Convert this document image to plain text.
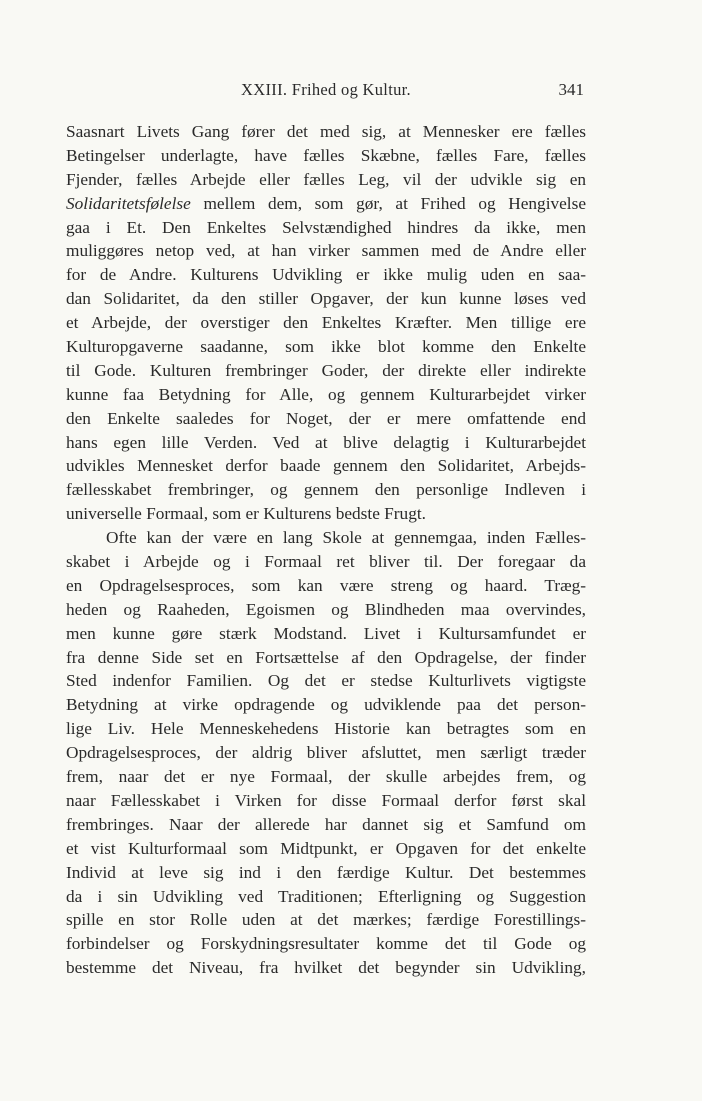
XXIII. Frihed og Kultur.	341
Saasnart Livets Gang fører det med sig, at Mennesker ere fælles
Betingelser underlagte, have fælles Skæbne, fælles Fare, fælles
Fjender, fælles Arbejde eller fælles Leg, vil der udvikle sig en
Solidaritetsfølelse mellem dem, som gør, at Frihed og Hengivelse
gaa i Et. Den Enkeltes Selvstændighed hindres da ikke, men
muliggøres netop ved, at han virker sammen med de Andre eller
for de Andre. Kulturens Udvikling er ikke mulig uden en saa-
dan Solidaritet, da den stiller Opgaver, der kun kunne løses ved
et Arbejde, der overstiger den Enkeltes Kræfter. Men tillige ere
Kulturopgaverne saadanne, som ikke blot komme den Enkelte
til Gode. Kulturen frembringer Goder, der direkte eller indirekte
kunne faa Betydning for Alle, og gennem Kulturarbejdet virker
den Enkelte saaledes for Noget, der er mere omfattende end
hans egen lille Verden. Ved at blive delagtig i Kulturarbejdet
udvikles Mennesket derfor baade gennem den Solidaritet, Arbejds-
fællesskabet frembringer, og gennem den personlige Indleven i
universelle Formaal, som er Kulturens bedste Frugt.
Ofte kan der være en lang Skole at gennemgaa, inden Fælles-
skabet i Arbejde og i Formaal ret bliver til. Der foregaar da
en Opdragelsesproces, som kan være streng og haard. Træg-
heden og Raaheden, Egoismen og Blindheden maa overvindes,
men kunne gøre stærk Modstand. Livet i Kultursamfundet er
fra denne Side set en Fortsættelse af den Opdragelse, der finder
Sted indenfor Familien. Og det er stedse Kulturlivets vigtigste
Betydning at virke opdragende og udviklende paa det person-
lige Liv. Hele Menneskehedens Historie kan betragtes som en
Opdragelsesproces, der aldrig bliver afsluttet, men særligt træder
frem, naar det er nye Formaal, der skulle arbejdes frem, og
naar Fællesskabet i Virken for disse Formaal derfor først skal
frembringes. Naar der allerede har dannet sig et Samfund om
et vist Kulturformaal som Midtpunkt, er Opgaven for det enkelte
Individ at leve sig ind i den færdige Kultur. Det bestemmes
da i sin Udvikling ved Traditionen; Efterligning og Suggestion
spille en stor Rolle uden at det mærkes; færdige Forestillings-
forbindelser og Forskydningsresultater komme det til Gode og
bestemme det Niveau, fra hvilket det begynder sin Udvikling,
